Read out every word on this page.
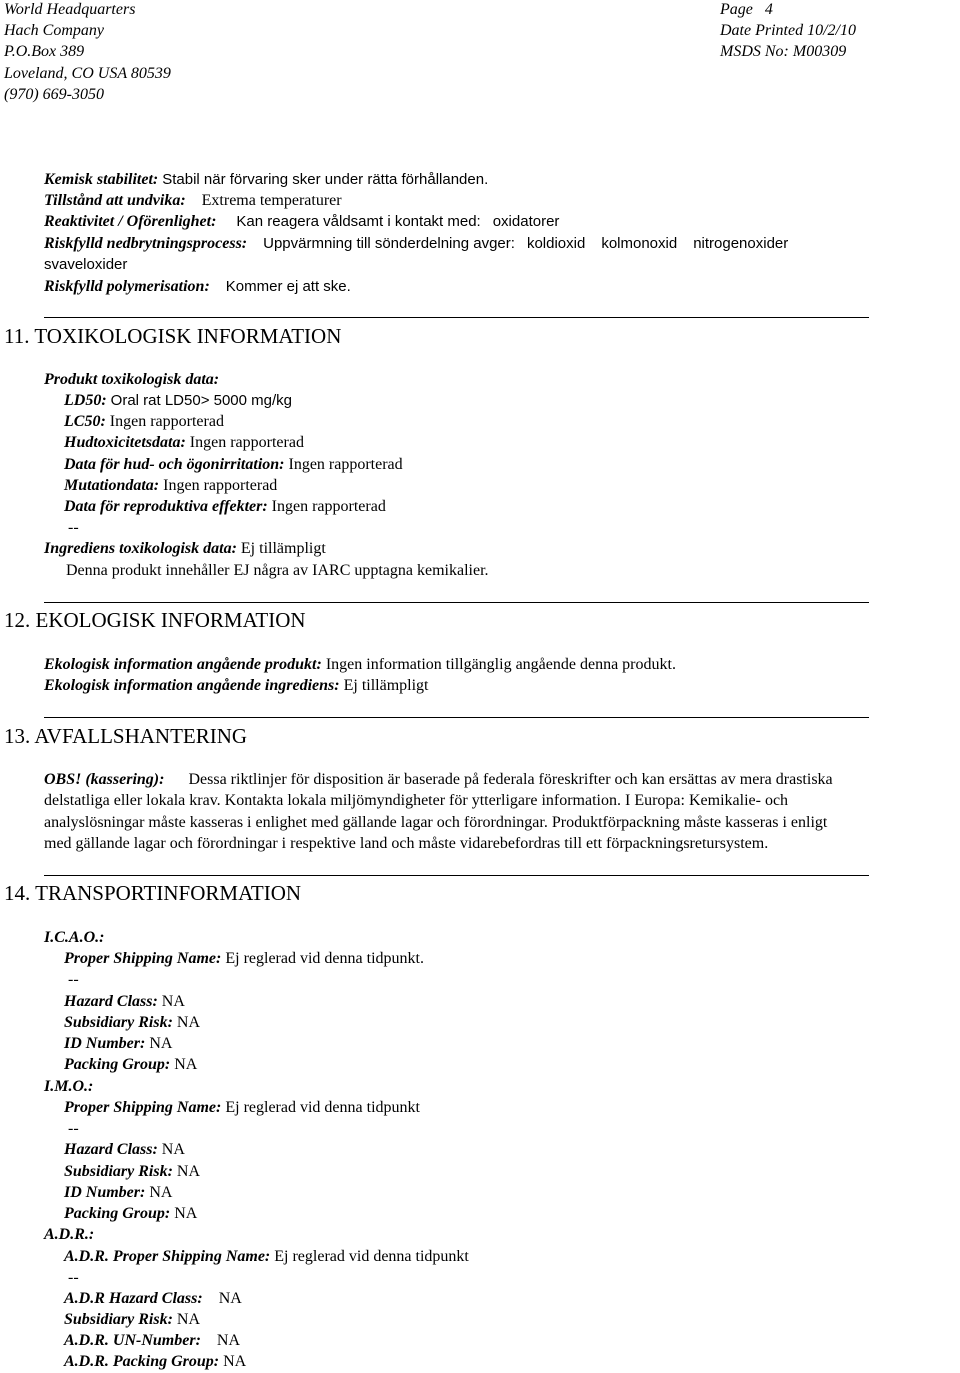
World Headquarters
Hach Company
P.O.Box 389
Loveland, CO USA 80539
(970) 669-3050
Page 4
Date Printed 10/2/10
MSDS No: M00309
Kemisk stabilitet: Stabil när förvaring sker under rätta förhållanden.
Tillstånd att undvika: Extrema temperaturer
Reaktivitet / Oförenlighet: Kan reagera våldsamt i kontakt med: oxidatorer
Riskfylld nedbrytningsprocess: Uppvärmning till sönderdelning avger: koldioxid kolmonoxid nitrogenoxider
svaveloxider
Riskfylld polymerisation: Kommer ej att ske.
11. TOXIKOLOGISK INFORMATION
Produkt toxikologisk data:
LD50: Oral rat LD50> 5000 mg/kg
LC50: Ingen rapporterad
Hudtoxicitetsdata: Ingen rapporterad
Data för hud- och ögonirritation: Ingen rapporterad
Mutationdata: Ingen rapporterad
Data för reproduktiva effekter: Ingen rapporterad
--
Ingrediens toxikologisk data: Ej tillämpligt
Denna produkt innehåller EJ några av IARC upptagna kemikalier.
12. EKOLOGISK INFORMATION
Ekologisk information angående produkt: Ingen information tillgänglig angående denna produkt.
Ekologisk information angående ingrediens: Ej tillämpligt
13. AVFALLSHANTERING
OBS! (kassering): Dessa riktlinjer för disposition är baserade på federala föreskrifter och kan ersättas av mera drastiska
delstatliga eller lokala krav. Kontakta lokala miljömyndigheter för ytterligare information. I Europa: Kemikalie- och
analyslösningar måste kasseras i enlighet med gällande lagar och förordningar. Produktförpackning måste kasseras i enligt
med gällande lagar och förordningar i respektive land och måste vidarebefordras till ett förpackningsretursystem.
14. TRANSPORTINFORMATION
I.C.A.O.:
Proper Shipping Name: Ej reglerad vid denna tidpunkt.
--
Hazard Class: NA
Subsidiary Risk: NA
ID Number: NA
Packing Group: NA
I.M.O.:
Proper Shipping Name: Ej reglerad vid denna tidpunkt
--
Hazard Class: NA
Subsidiary Risk: NA
ID Number: NA
Packing Group: NA
A.D.R.:
A.D.R. Proper Shipping Name: Ej reglerad vid denna tidpunkt
--
A.D.R Hazard Class: NA
Subsidiary Risk: NA
A.D.R. UN-Number: NA
A.D.R. Packing Group: NA
